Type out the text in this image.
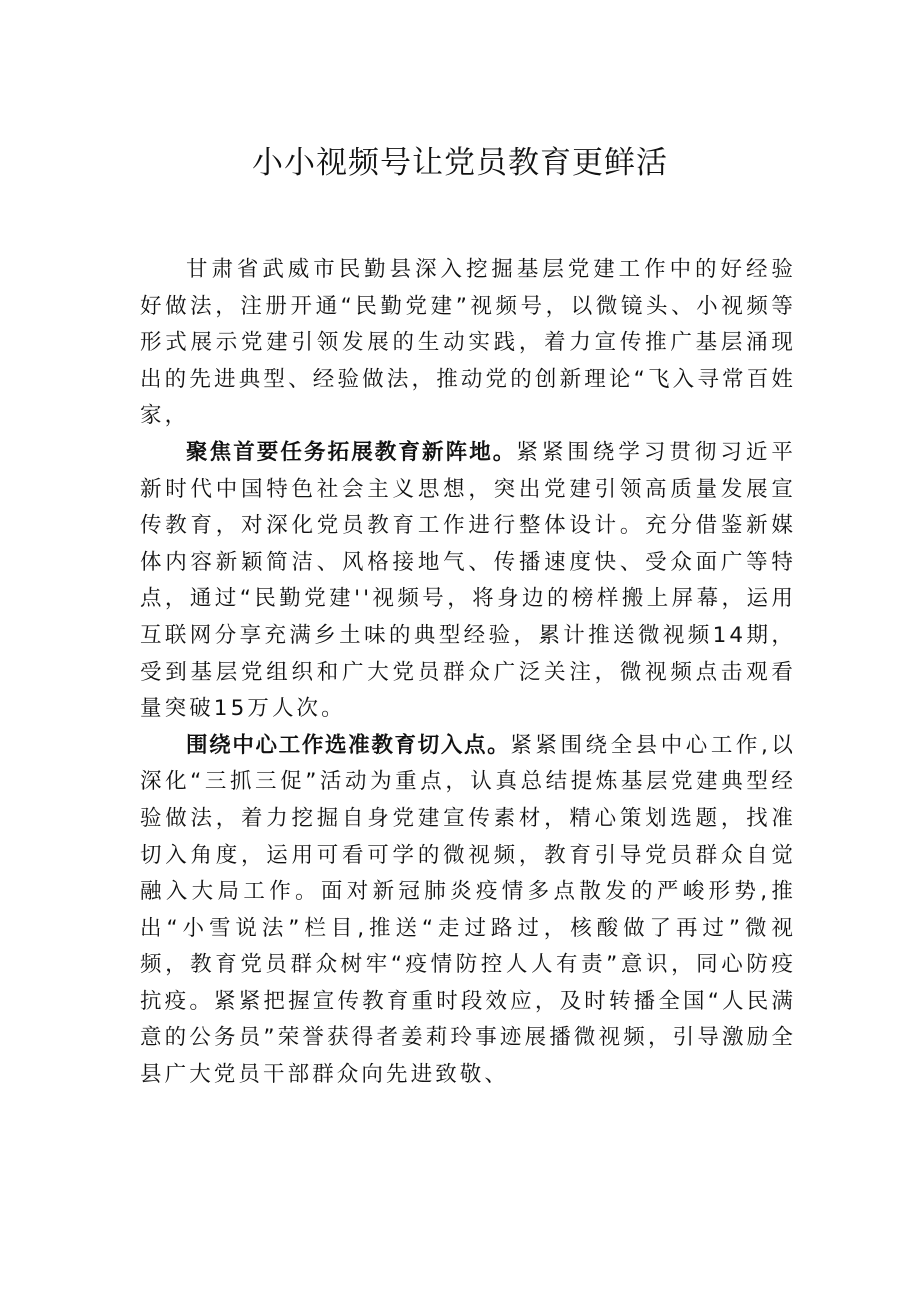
小小视频号让党员教育更鲜活

甘肃省武威市民勤县深入挖掘基层党建工作中的好经验好做法，注册开通“民勤党建”视频号，以微镜头、小视频等形式展示党建引领发展的生动实践，着力宣传推广基层涌现出的先进典型、经验做法，推动党的创新理论“飞入寻常百姓家，

聚焦首要任务拓展教育新阵地。紧紧围绕学习贯彻习近平新时代中国特色社会主义思想，突出党建引领高质量发展宣传教育，对深化党员教育工作进行整体设计。充分借鉴新媒体内容新颖简洁、风格接地气、传播速度快、受众面广等特点，通过“民勤党建''视频号，将身边的榜样搬上屏幕，运用互联网分享充满乡土味的典型经验，累计推送微视频14期，受到基层党组织和广大党员群众广泛关注，微视频点击观看量突破15万人次。

围绕中心工作选准教育切入点。紧紧围绕全县中心工作,以深化“三抓三促”活动为重点，认真总结提炼基层党建典型经验做法，着力挖掘自身党建宣传素材，精心策划选题，找准切入角度，运用可看可学的微视频，教育引导党员群众自觉融入大局工作。面对新冠肺炎疫情多点散发的严峻形势,推出“小雪说法”栏目,推送“走过路过，核酸做了再过”微视频，教育党员群众树牢“疫情防控人人有责”意识，同心防疫抗疫。紧紧把握宣传教育重时段效应，及时转播全国“人民满意的公务员”荣誉获得者姜莉玲事迹展播微视频，引导激励全县广大党员干部群众向先进致敬、
